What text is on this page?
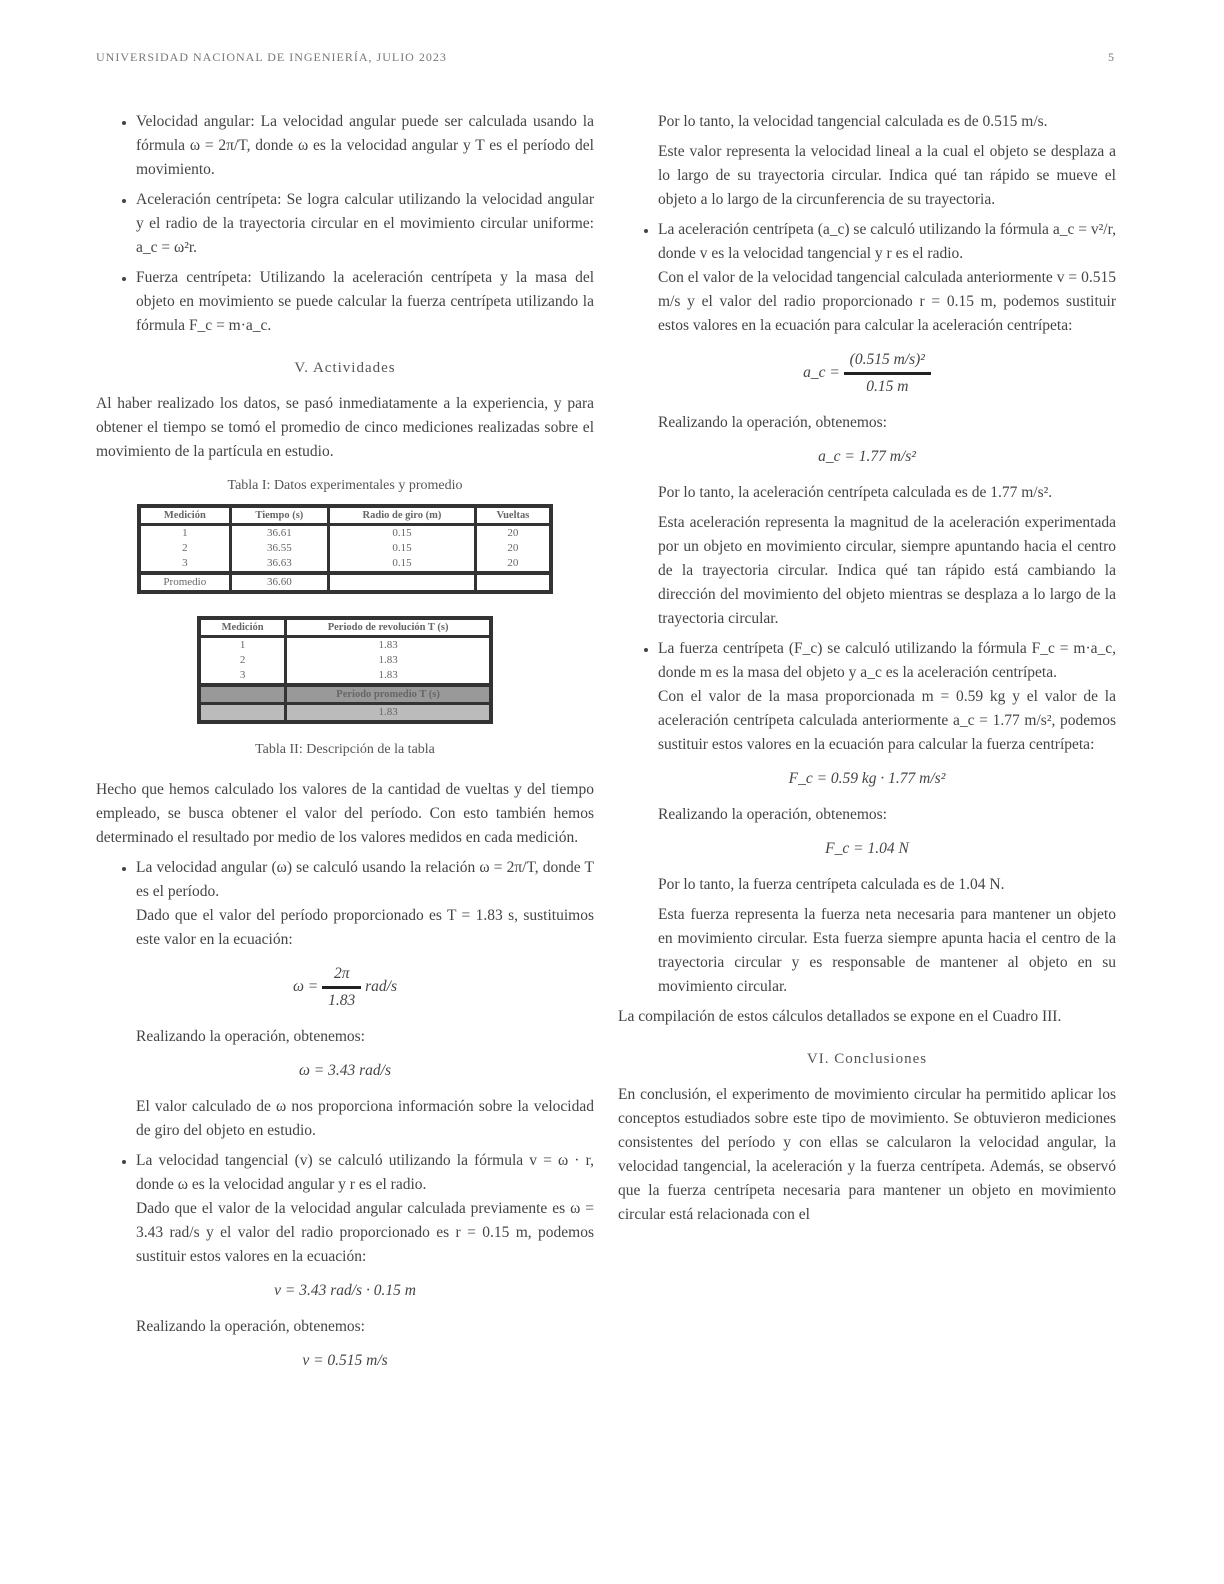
UNIVERSIDAD NACIONAL DE INGENIERÍA, JULIO 2023	5
• Velocidad angular: La velocidad angular puede ser calculada usando la fórmula ω = 2π/T, donde ω es la velocidad angular y T es el período del movimiento.
• Aceleración centrípeta: Se logra calcular utilizando la velocidad angular y el radio de la trayectoria circular en el movimiento circular uniforme: a_c = ω²r.
• Fuerza centrípeta: Utilizando la aceleración centrípeta y la masa del objeto en movimiento se puede calcular la fuerza centrípeta utilizando la fórmula F_c = m·a_c.
V. Actividades

Al haber realizado los datos, se pasó inmediatamente a la experiencia, y para obtener el tiempo se tomó el promedio de cinco mediciones realizadas sobre el movimiento de la partícula en estudio.

Tabla I: Datos experimentales y promedio
Medición	Tiempo (s)	Radio de giro (m)	Vueltas
1	36.61	0.15	20
2	36.55	0.15	20
3	36.63	0.15	20
Promedio	36.60		
Medición	Periodo de revolución T (s)
1	1.83
2	1.83
3	1.83
	Periodo promedio T (s)
	1.83
Tabla II: Descripción de la tabla

Hecho que hemos calculado los valores de la cantidad de vueltas y del tiempo empleado, se busca obtener el valor del período. Con esto también hemos determinado el resultado por medio de los valores medidos en cada medición.

• La velocidad angular (ω) se calculó usando la relación ω = 2π/T, donde T es el período.
Dado que el valor del período proporcionado es T = 1.83 s, sustituimos este valor en la ecuación:
$\omega = \frac{2\pi}{1.83} rad/s$

Realizando la operación, obtenemos:

ω = 3.43 rad/s

El valor calculado de ω nos proporciona información sobre la velocidad de giro del objeto en estudio.

• La velocidad tangencial (v) se calculó utilizando la fórmula v = ω · r, donde ω es la velocidad angular y r es el radio.
Dado que el valor de la velocidad angular calculada previamente es ω = 3.43 rad/s y el valor del radio proporcionado es r = 0.15 m, podemos sustituir estos valores en la ecuación:
v = 3.43 rad/s · 0.15 m

Realizando la operación, obtenemos:

v = 0.515 m/s

Por lo tanto, la velocidad tangencial calculada es de 0.515 m/s.

Este valor representa la velocidad lineal a la cual el objeto se desplaza a lo largo de su trayectoria circular. Indica qué tan rápido se mueve el objeto a lo largo de la circunferencia de su trayectoria.

• La aceleración centrípeta (a_c) se calculó utilizando la fórmula a_c = v²/r, donde v es la velocidad tangencial y r es el radio.
Con el valor de la velocidad tangencial calculada anteriormente v = 0.515 m/s y el valor del radio proporcionado r = 0.15 m, podemos sustituir estos valores en la ecuación para calcular la aceleración centrípeta:
a_c = $\frac{\text{(0.515 m/s)²}}{0.15 m}$

Realizando la operación, obtenemos:

a_c = 1.77 m/s²

Por lo tanto, la aceleración centrípeta calculada es de 1.77 m/s².

Esta aceleración representa la magnitud de la aceleración experimentada por un objeto en movimiento circular, siempre apuntando hacia el centro de la trayectoria circular. Indica qué tan rápido está cambiando la dirección del movimiento del objeto mientras se desplaza a lo largo de la trayectoria circular.

• La fuerza centrípeta (F_c) se calculó utilizando la fórmula F_c = m·a_c, donde m es la masa del objeto y a_c es la aceleración centrípeta.
Con el valor de la masa proporcionada m = 0.59 kg y el valor de la aceleración centrípeta calculada anteriormente a_c = 1.77 m/s², podemos sustituir estos valores en la ecuación para calcular la fuerza centrípeta:
F_c = 0.59 kg · 1.77 m/s²

Realizando la operación, obtenemos:

F_c = 1.04 N

Por lo tanto, la fuerza centrípeta calculada es de 1.04 N.

Esta fuerza representa la fuerza neta necesaria para mantener un objeto en movimiento circular. Esta fuerza siempre apunta hacia el centro de la trayectoria circular y es responsable de mantener al objeto en su movimiento circular.

La compilación de estos cálculos detallados se expone en el Cuadro III.

VI. Conclusiones

En conclusión, el experimento de movimiento circular ha permitido aplicar los conceptos estudiados sobre este tipo de movimiento. Se obtuvieron mediciones consistentes del período y con ellas se calcularon la velocidad angular, la velocidad tangencial, la aceleración y la fuerza centrípeta. Además, se observó que la fuerza centrípeta necesaria para mantener un objeto en movimiento circular está relacionada con el
